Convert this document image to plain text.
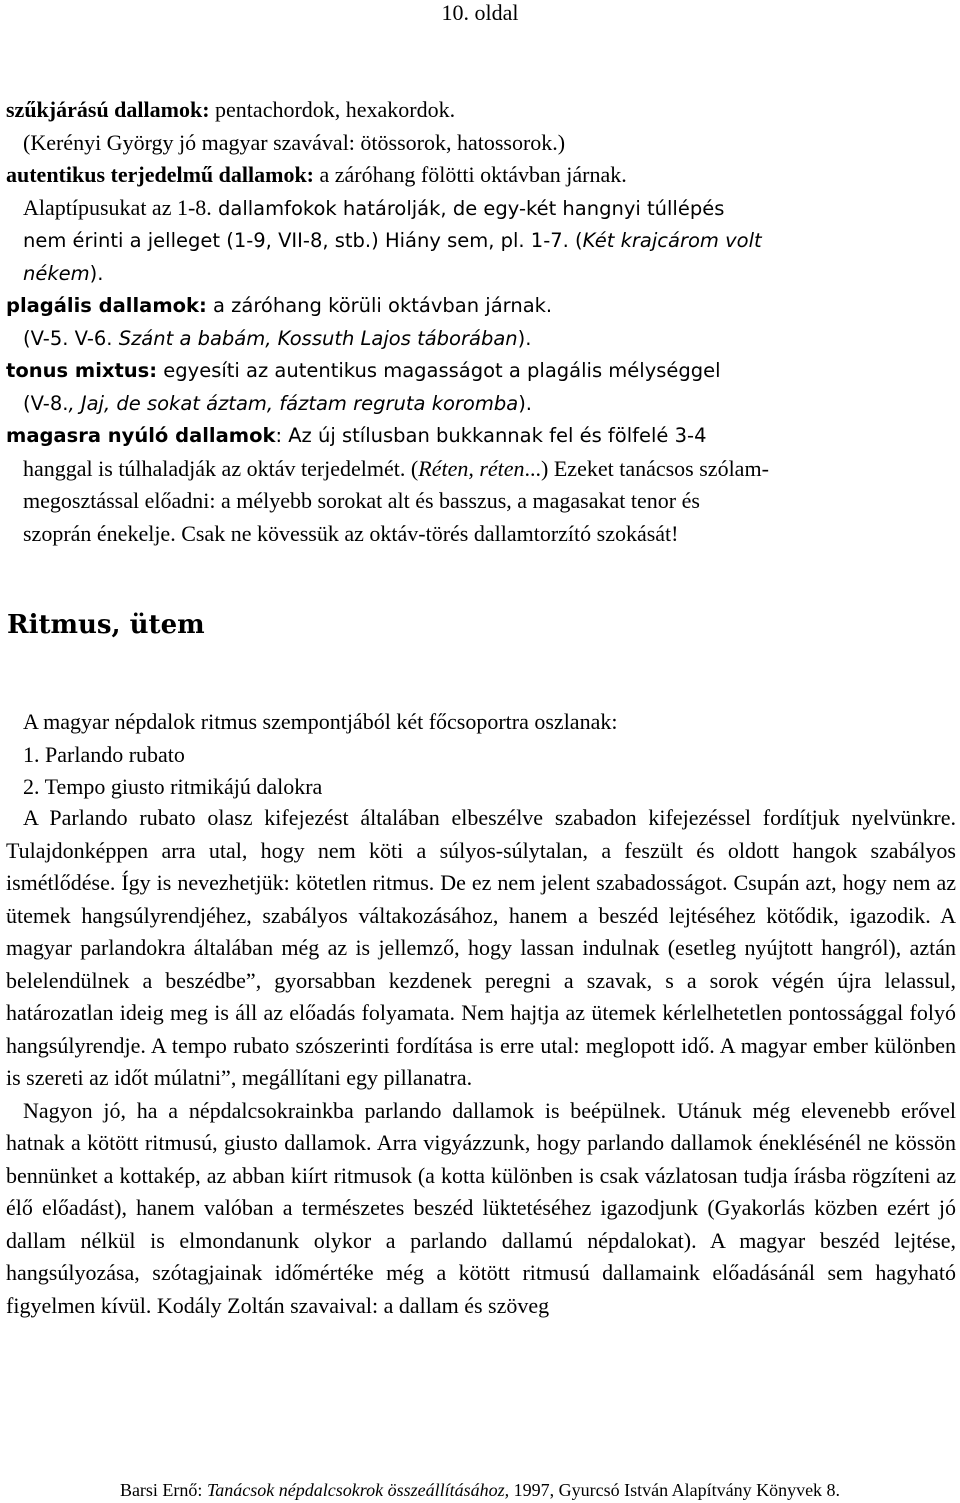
10. oldal

szűkjárású dallamok: pentachordok, hexakordok.

(Kerényi György jó magyar szavával: ötössorok, hatossorok.)

autentikus terjedelmű dallamok: a záróhang fölötti oktávban járnak.

Alaptípusukat az 1-8. dallamfokok határolják, de egy-két hangnyi túllépés

nem érinti a jelleget (1-9, VII-8, stb.) Hiány sem, pl. 1-7. (Két krajcárom volt

nékem).

plagális dallamok: a záróhang körüli oktávban járnak.

(V-5. V-6. Szánt a babám, Kossuth Lajos táborában).

tonus mixtus: egyesíti az autentikus magasságot a plagális mélységgel

(V-8., Jaj, de sokat áztam, fáztam regruta koromba).

magasra nyúló dallamok: Az új stílusban bukkannak fel és fölfelé 3-4

hanggal is túlhaladják az oktáv terjedelmét. (Réten, réten...) Ezeket tanácsos szólam-

megosztással előadni: a mélyebb sorokat alt és basszus, a magasakat tenor és

szoprán énekelje. Csak ne kövessük az oktáv-törés dallamtorzító szokását!

Ritmus, ütem

A magyar népdalok ritmus szempontjából két főcsoportra oszlanak:

1. Parlando rubato

2. Tempo giusto ritmikájú dalokra

A Parlando rubato olasz kifejezést általában elbeszélve szabadon kifejezéssel fordítjuk nyelvünkre. Tulajdonképpen arra utal, hogy nem köti a súlyos-súlytalan, a feszült és oldott hangok szabályos ismétlődése. Így is nevezhetjük: kötetlen ritmus. De ez nem jelent szabadosságot. Csupán azt, hogy nem az ütemek hangsúlyrendjéhez, szabályos váltakozásához, hanem a beszéd lejtéséhez kötődik, igazodik. A magyar parlandokra általában még az is jellemző, hogy lassan indulnak (esetleg nyújtott hangról), aztán belelendülnek a beszédbe”, gyorsabban kezdenek peregni a szavak, s a sorok végén újra lelassul, határozatlan ideig meg is áll az előadás folyamata. Nem hajtja az ütemek kérlelhetetlen pontossággal folyó hangsúlyrendje. A tempo rubato szószerinti fordítása is erre utal: meglopott idő. A magyar ember különben is szereti az időt múlatni”, megállítani egy pillanatra.

Nagyon jó, ha a népdalcsokrainkba parlando dallamok is beépülnek. Utánuk még elevenebb erővel hatnak a kötött ritmusú, giusto dallamok. Arra vigyázzunk, hogy parlando dallamok éneklésénél ne kössön bennünket a kottakép, az abban kiírt ritmusok (a kotta különben is csak vázlatosan tudja írásba rögzíteni az élő előadást), hanem valóban a természetes beszéd lüktetéséhez igazodjunk (Gyakorlás közben ezért jó dallam nélkül is elmondanunk olykor a parlando dallamú népdalokat). A magyar beszéd lejtése, hangsúlyozása, szótagjainak időmértéke még a kötött ritmusú dallamaink előadásánál sem hagyható figyelmen kívül. Kodály Zoltán szavaival: a dallam és szöveg

Barsi Ernő: Tanácsok népdalcsokrok összeállításához, 1997, Gyurcsó István Alapítvány Könyvek 8.
